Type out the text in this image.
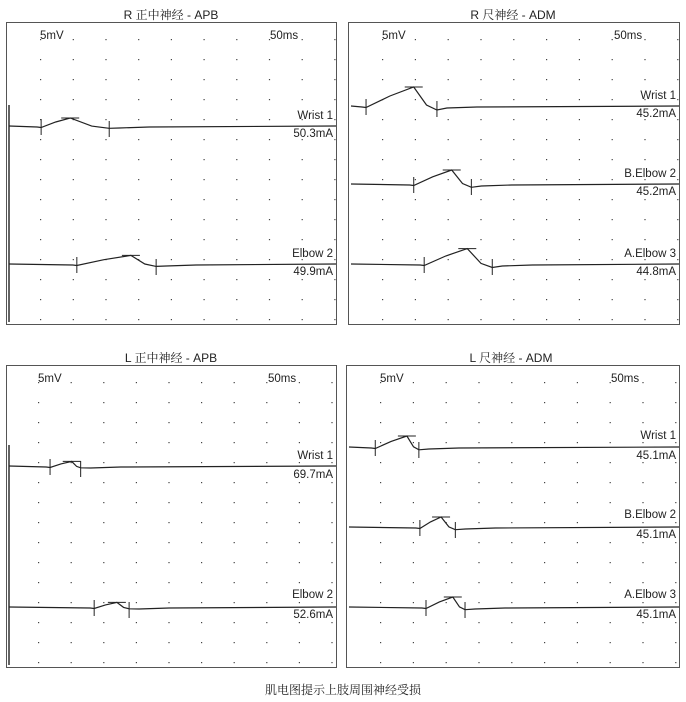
R 正中神经 - APB	R 尺神经 - ADM
L 正中神经 - APB	L 尺神经 - ADM
5mV	50ms
Wrist 1
50.3mA
Elbow 2
49.9mA
5mV	50ms
Wrist 1
45.2mA
B.Elbow 2
45.2mA
A.Elbow 3
44.8mA
5mV	50ms
Wrist 1
69.7mA
Elbow 2
52.6mA
5mV	50ms
Wrist 1
45.1mA
B.Elbow 2
45.1mA
A.Elbow 3
45.1mA
肌电图提示上肢周围神经受损
